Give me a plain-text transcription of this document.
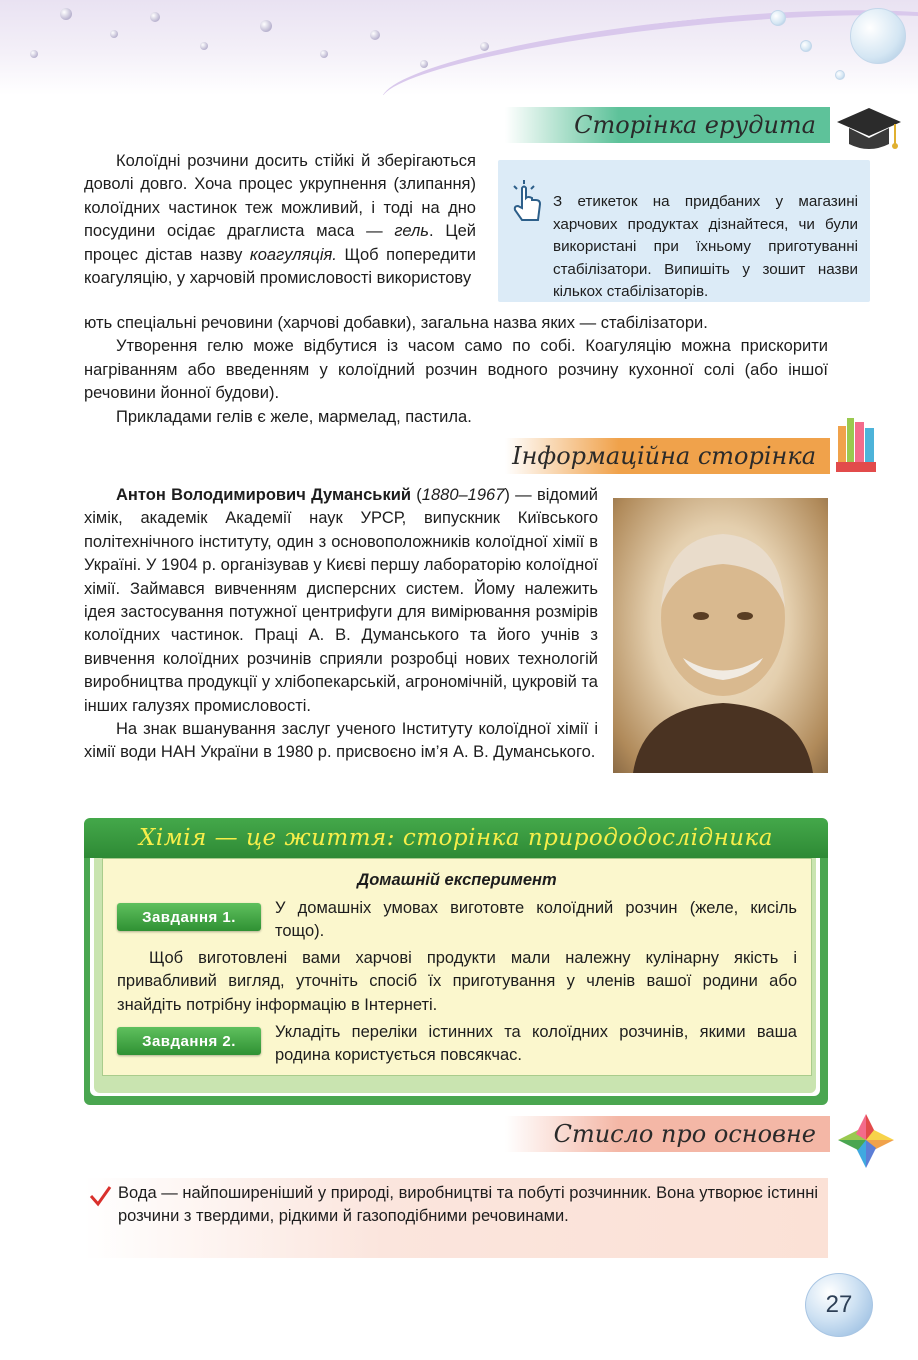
Сторінка ерудита

З етикеток на придбаних у магазині харчових продуктах дізнайтеся, чи були використані при їхньому приготуванні стабілізатори. Випишіть у зошит назви кількох стабілізаторів.

Колоїдні розчини досить стійкі й зберігаються доволі довго. Хоча процес укрупнення (злипання) колоїдних частинок теж можливий, і тоді на дно посудини осідає драглиста маса — гель. Цей процес дістав назву коагуляція. Щоб попередити коагуляцію, у харчовій промисловості використову

ють спеціальні речовини (харчові добавки), загальна назва яких — стабілізатори.

Утворення гелю може відбутися із часом само по собі. Коагуляцію можна прискорити нагріванням або введенням у колоїдний розчин водного розчину кухонної солі (або іншої речовини йонної будови).

Прикладами гелів є желе, мармелад, пастила.

Інформаційна сторінка

Антон Володимирович Думанський (1880–1967) — відомий хімік, академік Академії наук УРСР, випускник Київського політехнічного інституту, один з основоположників колоїдної хімії в Україні. У 1904 р. організував у Києві першу лабораторію колоїдної хімії. Займався вивченням дисперсних систем. Йому належить ідея застосування потужної центрифуги для вимірювання розмірів колоїдних частинок. Праці А. В. Думанського та його учнів з вивчення колоїдних розчинів сприяли розробці нових технологій виробництва продукції у хлібопекарській, агрономічній, цукровій та інших галузях промисловості.

На знак вшанування заслуг ученого Інституту колоїдної хімії і хімії води НАН України в 1980 р. присвоєно ім’я А. В. Думанського.

Хімія — це життя: сторінка природодослідника
Домашній експеримент
Завдання 1. У домашніх умовах виготовте колоїдний розчин (желе, кисіль тощо).

Щоб виготовлені вами харчові продукти мали належну кулінарну якість і привабливий вигляд, уточніть спосіб їх приготування у членів вашої родини або знайдіть потрібну інформацію в Інтернеті.

Завдання 2. Укладіть переліки істинних та колоїдних розчинів, якими ваша родина користується повсякчас.

Стисло про основне

Вода — найпоширеніший у природі, виробництві та побуті розчинник. Вона утворює істинні розчини з твердими, рідкими й газоподібними речовинами.

27
